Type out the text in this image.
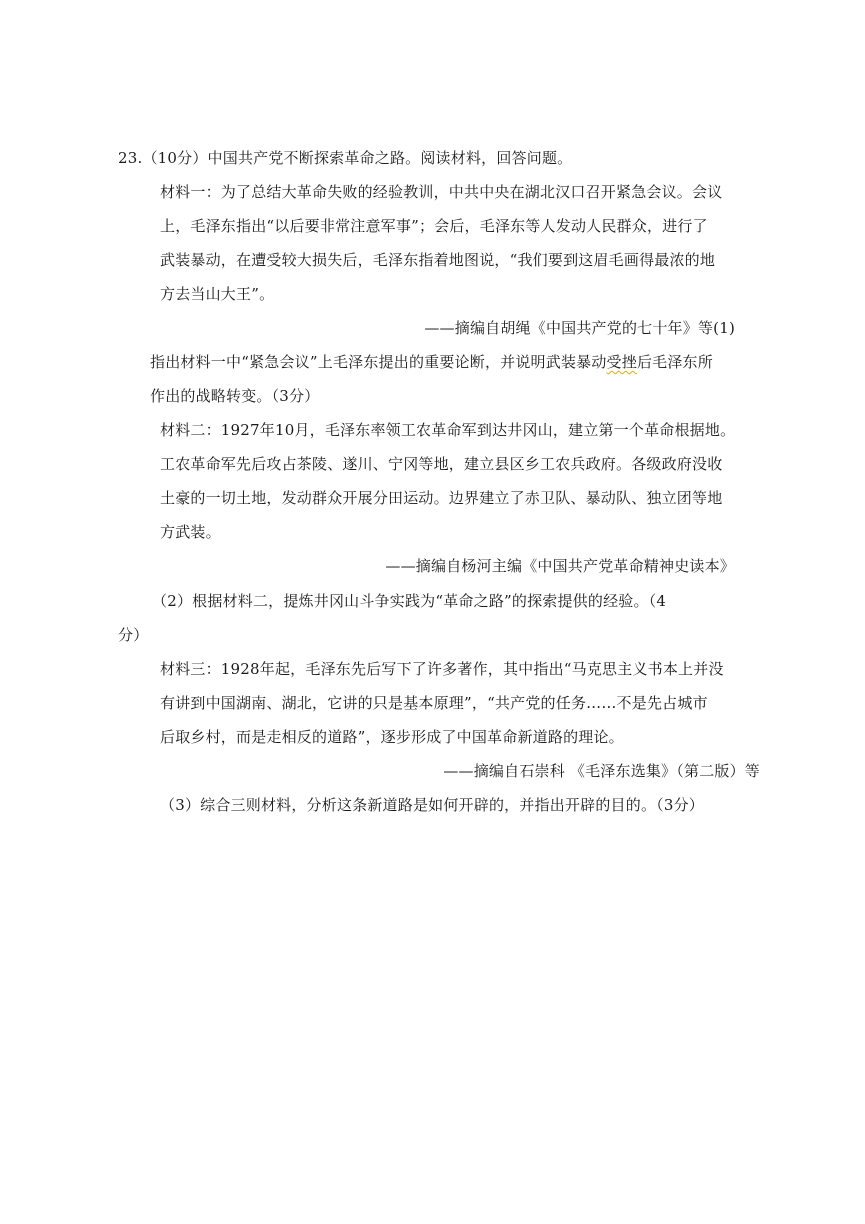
23.（10分）中国共产党不断探索革命之路。阅读材料，回答问题。
材料一：为了总结大革命失败的经验教训，中共中央在湖北汉口召开紧急会议。会议
上，毛泽东指出“以后要非常注意军事”；会后，毛泽东等人发动人民群众，进行了
武装暴动，在遭受较大损失后，毛泽东指着地图说，“我们要到这眉毛画得最浓的地
方去当山大王”。
——摘编自胡绳《中国共产党的七十年》等(1)
指出材料一中“紧急会议”上毛泽东提出的重要论断，并说明武装暴动受挫后毛泽东所
作出的战略转变。（3分）
材料二：1927年10月，毛泽东率领工农革命军到达井冈山，建立第一个革命根据地。
工农革命军先后攻占茶陵、遂川、宁冈等地，建立县区乡工农兵政府。各级政府没收
土豪的一切土地，发动群众开展分田运动。边界建立了赤卫队、暴动队、独立团等地
方武装。
——摘编自杨河主编《中国共产党革命精神史读本》
（2）根据材料二，提炼井冈山斗争实践为“革命之路”的探索提供的经验。（4
分）
材料三：1928年起，毛泽东先后写下了许多著作，其中指出“马克思主义书本上并没
有讲到中国湖南、湖北，它讲的只是基本原理”，“共产党的任务……不是先占城市
后取乡村，而是走相反的道路”，逐步形成了中国革命新道路的理论。
——摘编自石崇科 《毛泽东选集》（第二版）等
（3）综合三则材料，分析这条新道路是如何开辟的，并指出开辟的目的。（3分）
